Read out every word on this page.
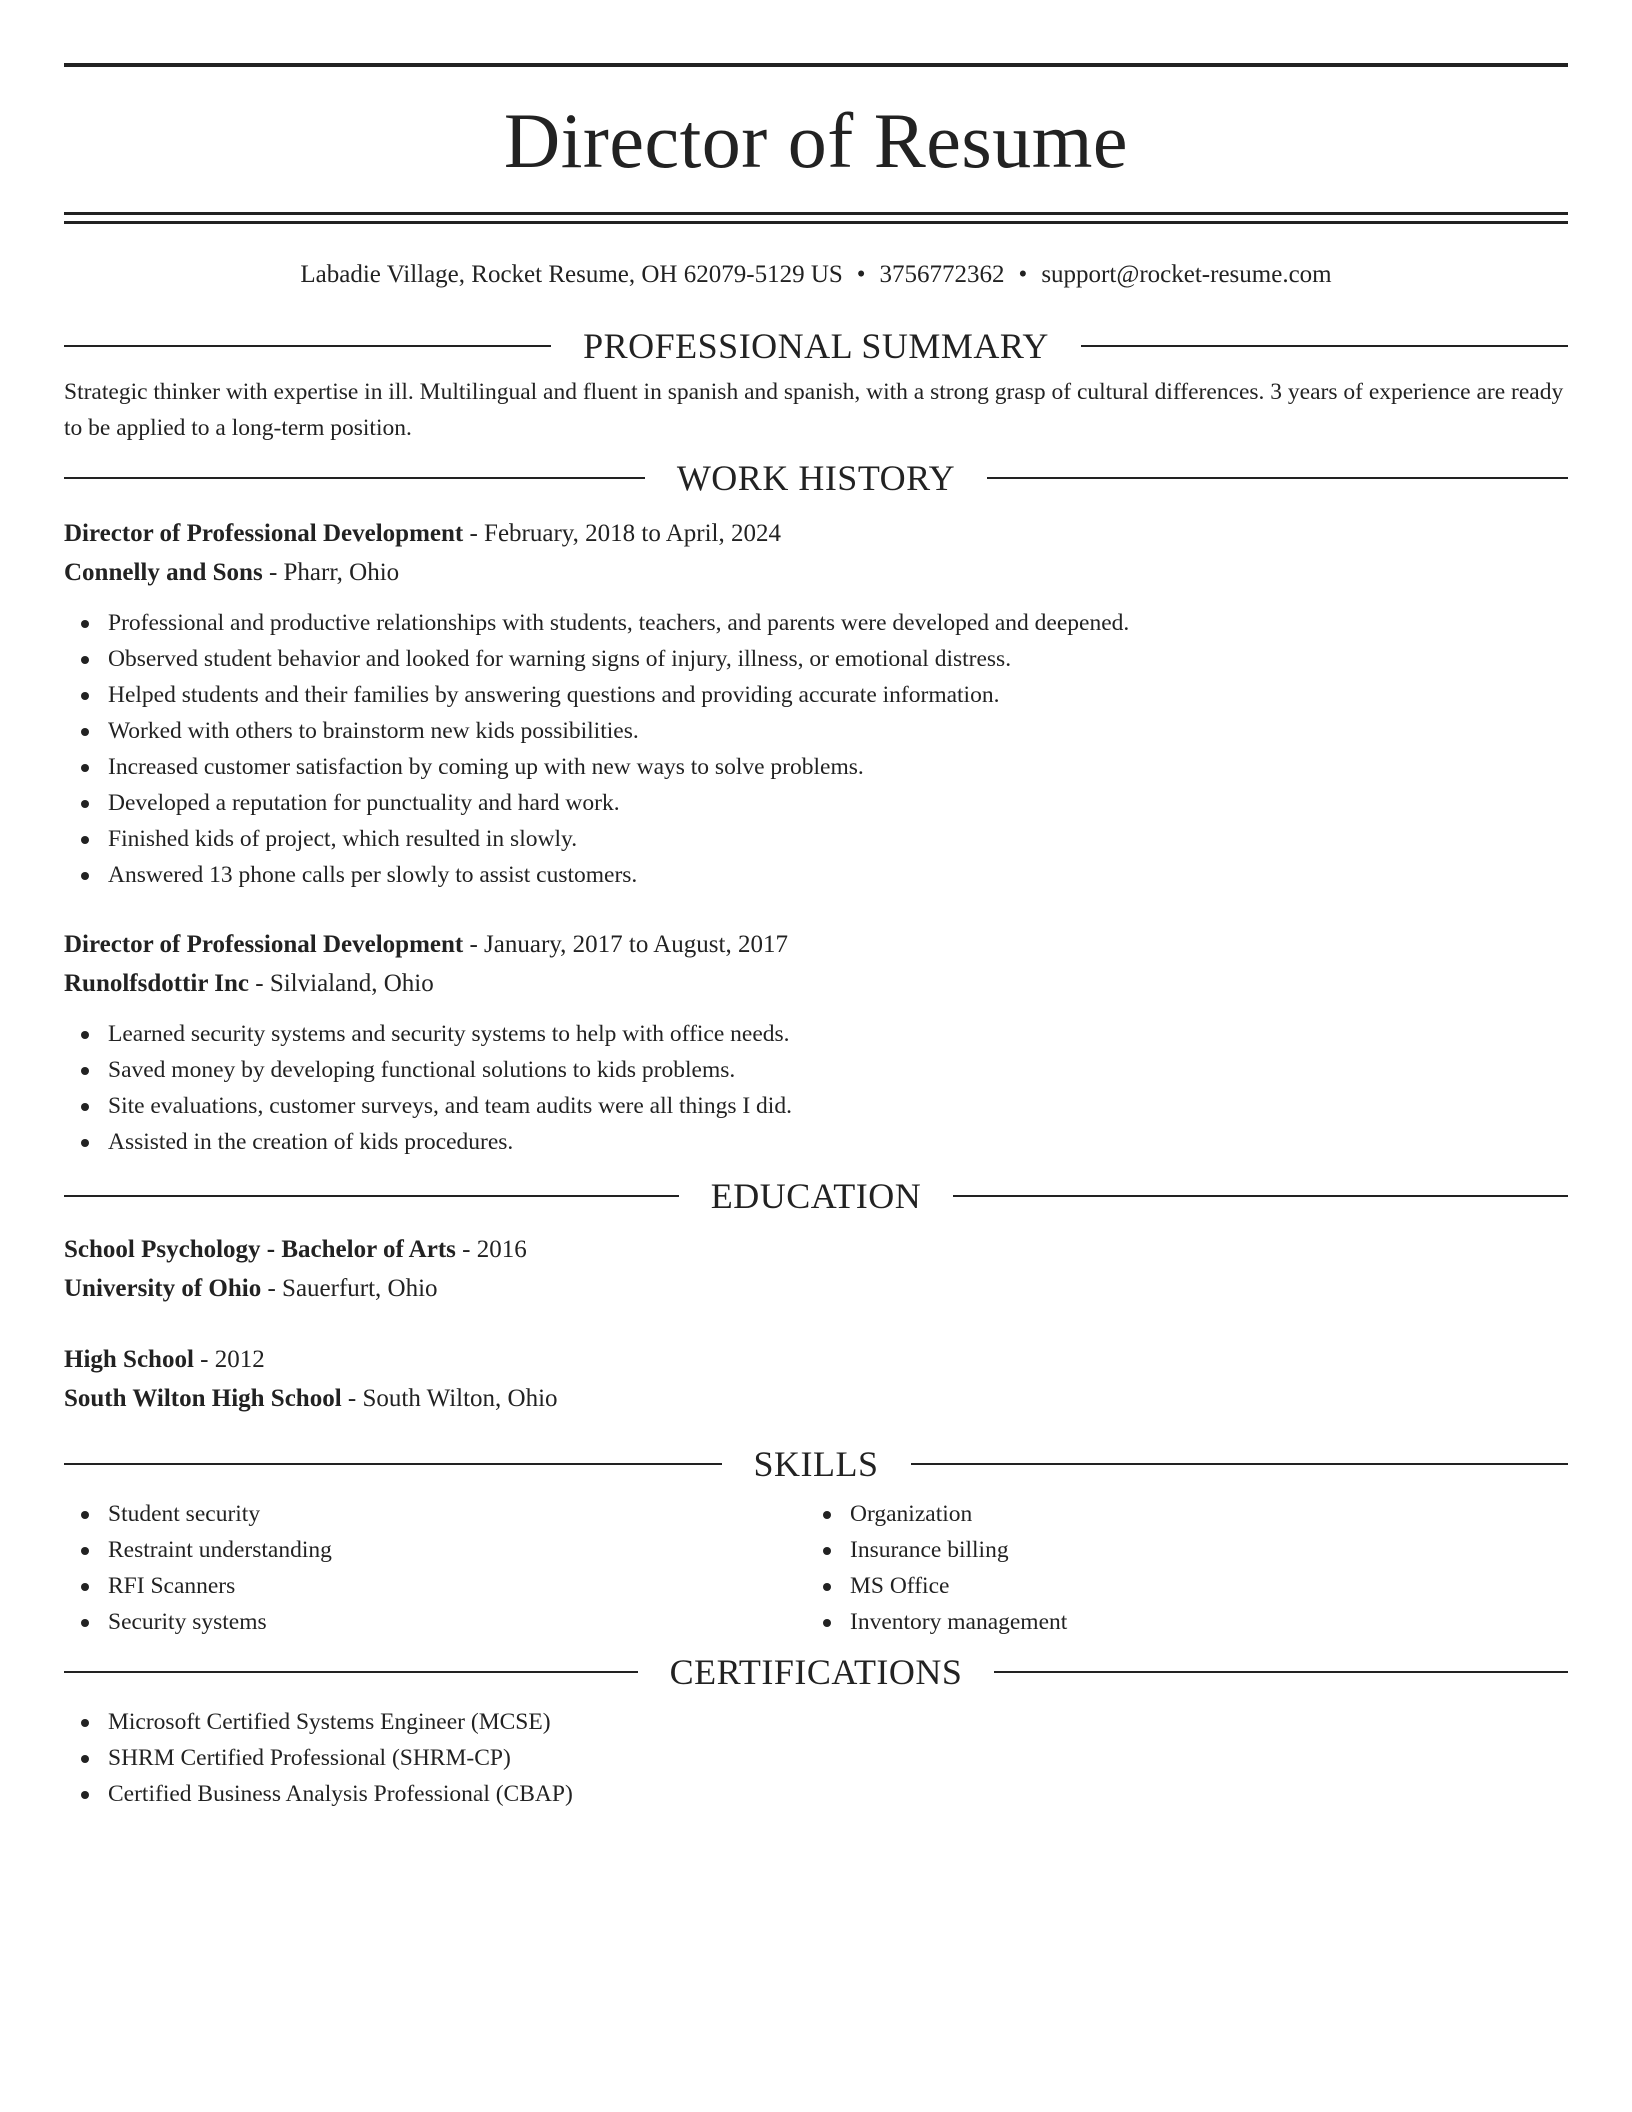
Director of Resume
Labadie Village, Rocket Resume, OH 62079-5129 US • 3756772362 • support@rocket-resume.com
PROFESSIONAL SUMMARY
Strategic thinker with expertise in ill. Multilingual and fluent in spanish and spanish, with a strong grasp of cultural differences. 3 years of experience are ready to be applied to a long-term position.
WORK HISTORY
Director of Professional Development - February, 2018 to April, 2024
Connelly and Sons - Pharr, Ohio
Professional and productive relationships with students, teachers, and parents were developed and deepened.
Observed student behavior and looked for warning signs of injury, illness, or emotional distress.
Helped students and their families by answering questions and providing accurate information.
Worked with others to brainstorm new kids possibilities.
Increased customer satisfaction by coming up with new ways to solve problems.
Developed a reputation for punctuality and hard work.
Finished kids of project, which resulted in slowly.
Answered 13 phone calls per slowly to assist customers.
Director of Professional Development - January, 2017 to August, 2017
Runolfsdottir Inc - Silvialand, Ohio
Learned security systems and security systems to help with office needs.
Saved money by developing functional solutions to kids problems.
Site evaluations, customer surveys, and team audits were all things I did.
Assisted in the creation of kids procedures.
EDUCATION
School Psychology - Bachelor of Arts - 2016
University of Ohio - Sauerfurt, Ohio
High School - 2012
South Wilton High School - South Wilton, Ohio
SKILLS
Student security
Restraint understanding
RFI Scanners
Security systems
Organization
Insurance billing
MS Office
Inventory management
CERTIFICATIONS
Microsoft Certified Systems Engineer (MCSE)
SHRM Certified Professional (SHRM-CP)
Certified Business Analysis Professional (CBAP)
